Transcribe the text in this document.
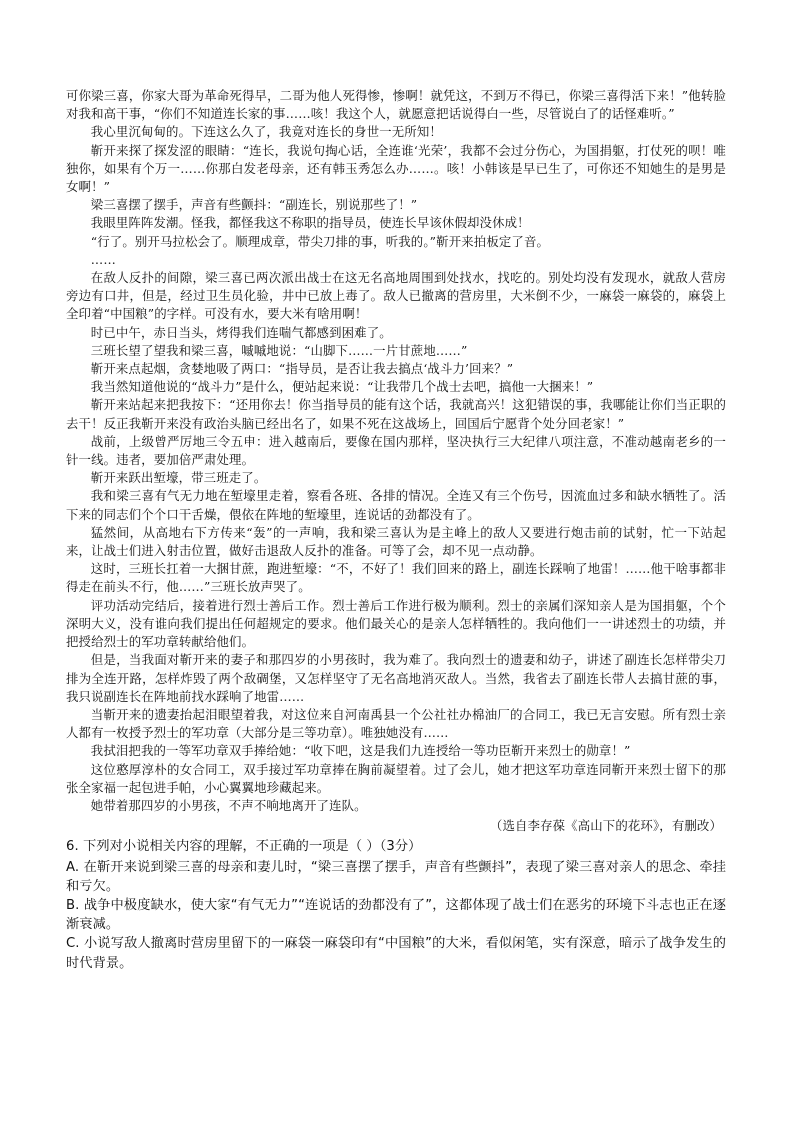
可你梁三喜，你家大哥为革命死得早，二哥为他人死得惨，惨啊！就凭这，不到万不得已，你梁三喜得活下来！”他转脸对我和高干事，“你们不知道连长家的事……咳！我这个人，就愿意把话说得白一些，尽管说白了的话怪难听。”

我心里沉甸甸的。下连这么久了，我竟对连长的身世一无所知！

靳开来探了探发涩的眼睛：“连长，我说句掏心话，全连谁‘光荣’，我都不会过分伤心，为国捐躯，打仗死的呗！唯独你，如果有个万一……你那白发老母亲，还有韩玉秀怎么办……。咳！小韩该是早已生了，可你还不知她生的是男是女啊！”

梁三喜摆了摆手，声音有些颤抖：“副连长，别说那些了！”

我眼里阵阵发潮。怪我，都怪我这不称职的指导员，使连长早该休假却没休成！

“行了。别开马拉松会了。顺理成章，带尖刀排的事，听我的。”靳开来拍板定了音。

……

在敌人反扑的间隙，梁三喜已两次派出战士在这无名高地周围到处找水，找吃的。别处均没有发现水，就敌人营房旁边有口井，但是，经过卫生员化验，井中已放上毒了。敌人已撤离的营房里，大米倒不少，一麻袋一麻袋的，麻袋上全印着“中国粮”的字样。可没有水，要大米有啥用啊！

时已中午，赤日当头，烤得我们连喘气都感到困难了。

三班长望了望我和梁三喜，嘁嘁地说：“山脚下……一片甘蔗地……”

靳开来点起烟，贪婪地吸了两口：“指导员，是否让我去搞点‘战斗力’回来？”

我当然知道他说的“战斗力”是什么，便站起来说：“让我带几个战士去吧，搞他一大捆来！”

靳开来站起来把我按下：“还用你去！你当指导员的能有这个话，我就高兴！这犯错误的事，我哪能让你们当正职的去干！反正我靳开来没有政治头脑已经出名了，如果不死在这战场上，回国后宁愿背个处分回老家！”

战前，上级曾严厉地三令五申：进入越南后，要像在国内那样，坚决执行三大纪律八项注意，不准动越南老乡的一针一线。违者，要加倍严肃处理。

靳开来跃出堑壕，带三班走了。

我和梁三喜有气无力地在堑壕里走着，察看各班、各排的情况。全连又有三个伤号，因流血过多和缺水牺牲了。活下来的同志们个个口干舌燥，偎依在阵地的堑壕里，连说话的劲都没有了。

猛然间，从高地右下方传来“轰”的一声响，我和梁三喜认为是主峰上的敌人又要进行炮击前的试射，忙一下站起来，让战士们进入射击位置，做好击退敌人反扑的准备。可等了会，却不见一点动静。

这时，三班长扛着一大捆甘蔗，跑进堑壕：“不，不好了！我们回来的路上，副连长踩响了地雷！……他干啥事都非得走在前头不行，他……”三班长放声哭了。

评功活动完结后，接着进行烈士善后工作。烈士善后工作进行极为顺利。烈士的亲属们深知亲人是为国捐躯，个个深明大义，没有谁向我们提出任何超规定的要求。他们最关心的是亲人怎样牺牲的。我向他们一一讲述烈士的功绩，并把授给烈士的军功章转献给他们。

但是，当我面对靳开来的妻子和那四岁的小男孩时，我为难了。我向烈士的遗妻和幼子，讲述了副连长怎样带尖刀排为全连开路，怎样炸毁了两个敌碉堡，又怎样坚守了无名高地消灭敌人。当然，我省去了副连长带人去搞甘蔗的事，我只说副连长在阵地前找水踩响了地雷……

当靳开来的遗妻抬起泪眼望着我，对这位来自河南禹县一个公社社办棉油厂的合同工，我已无言安慰。所有烈士亲人都有一枚授予烈士的军功章（大部分是三等功章）。唯独她没有……

我拭泪把我的一等军功章双手捧给她：“收下吧，这是我们九连授给一等功臣靳开来烈士的勋章！”

这位憨厚淳朴的女合同工，双手接过军功章捧在胸前凝望着。过了会儿，她才把这军功章连同靳开来烈士留下的那张全家福一起包进手帕，小心翼翼地珍藏起来。

她带着那四岁的小男孩，不声不响地离开了连队。

（选自李存葆《高山下的花环》，有删改）

6. 下列对小说相关内容的理解，不正确的一项是（ ）（3分）

A. 在靳开来说到梁三喜的母亲和妻儿时，“梁三喜摆了摆手，声音有些颤抖”，表现了梁三喜对亲人的思念、牵挂和亏欠。

B. 战争中极度缺水，使大家“有气无力”“连说话的劲都没有了”，这都体现了战士们在恶劣的环境下斗志也正在逐渐衰减。

C. 小说写敌人撤离时营房里留下的一麻袋一麻袋印有“中国粮”的大米，看似闲笔，实有深意，暗示了战争发生的时代背景。
